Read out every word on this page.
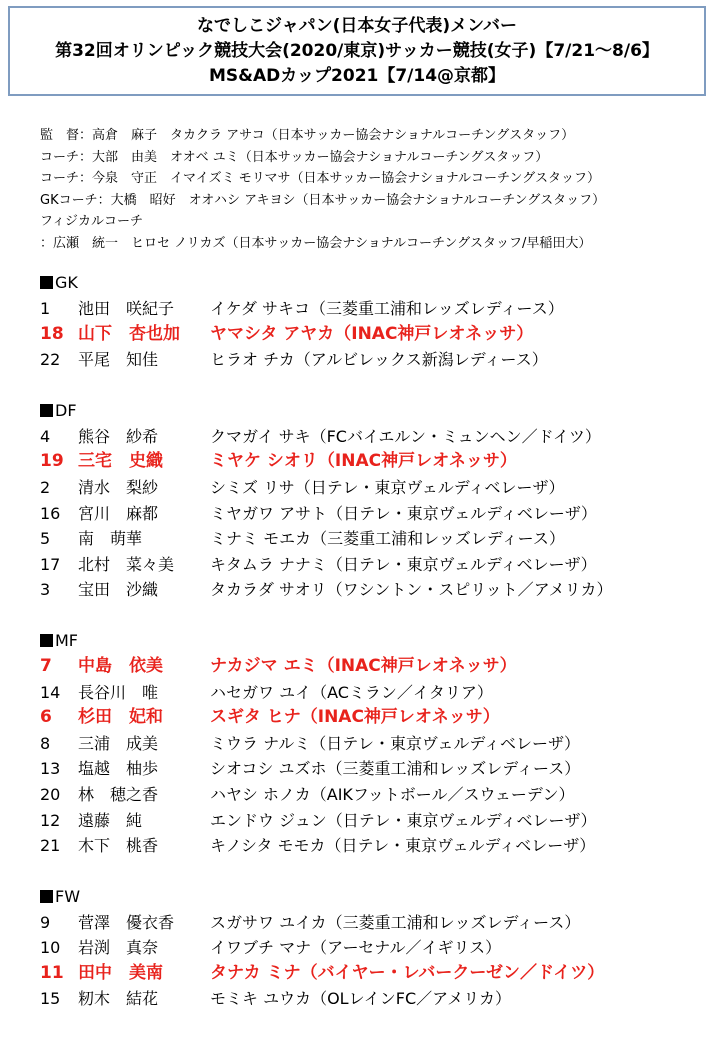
なでしこジャパン(日本女子代表)メンバー
第32回オリンピック競技大会(2020/東京)サッカー競技(女子)【7/21～8/6】
MS&ADカップ2021【7/14@京都】
監　督：高倉　麻子　タカクラ アサコ（日本サッカー協会ナショナルコーチングスタッフ）
コーチ：大部　由美　オオベ ユミ（日本サッカー協会ナショナルコーチングスタッフ）
コーチ：今泉　守正　イマイズミ モリマサ（日本サッカー協会ナショナルコーチングスタッフ）
GKコーチ：大橋　昭好　オオハシ アキヨシ（日本サッカー協会ナショナルコーチングスタッフ）
フィジカルコーチ
：広瀬　統一　ヒロセ ノリカズ（日本サッカー協会ナショナルコーチングスタッフ/早稲田大）
GK
1 池田　咲紀子 イケダ サキコ（三菱重工浦和レッズレディース）
18 山下　杏也加 ヤマシタ アヤカ（INAC神戸レオネッサ）
22 平尾　知佳	ヒラオ チカ（アルビレックス新潟レディース）
DF
4 熊谷　紗希	クマガイ サキ（FCバイエルン・ミュンヘン／ドイツ）
19 三宅　史織	ミヤケ シオリ（INAC神戸レオネッサ）
2 清水　梨紗	シミズ リサ（日テレ・東京ヴェルディベレーザ）
16 宮川　麻都	ミヤガワ アサト（日テレ・東京ヴェルディベレーザ）
5 南　萌華	ミナミ モエカ（三菱重工浦和レッズレディース）
17 北村　菜々美 キタムラ ナナミ（日テレ・東京ヴェルディベレーザ）
3 宝田　沙織	タカラダ サオリ（ワシントン・スピリット／アメリカ）
MF
7 中島　依美	ナカジマ エミ（INAC神戸レオネッサ）
14 長谷川　唯	ハセガワ ユイ（ACミラン／イタリア）
6 杉田　妃和	スギタ ヒナ（INAC神戸レオネッサ）
8 三浦　成美	ミウラ ナルミ（日テレ・東京ヴェルディベレーザ）
13 塩越　柚歩	シオコシ ユズホ（三菱重工浦和レッズレディース）
20 林　穂之香	ハヤシ ホノカ（AIKフットボール／スウェーデン）
12 遠藤　純	エンドウ ジュン（日テレ・東京ヴェルディベレーザ）
21 木下　桃香	キノシタ モモカ（日テレ・東京ヴェルディベレーザ）
FW
9 菅澤　優衣香 スガサワ ユイカ（三菱重工浦和レッズレディース）
10 岩渕　真奈	イワブチ マナ（アーセナル／イギリス）
11 田中　美南	タナカ ミナ（バイヤー・レバークーゼン／ドイツ）
15 籾木　結花	モミキ ユウカ（OLレインFC／アメリカ）
